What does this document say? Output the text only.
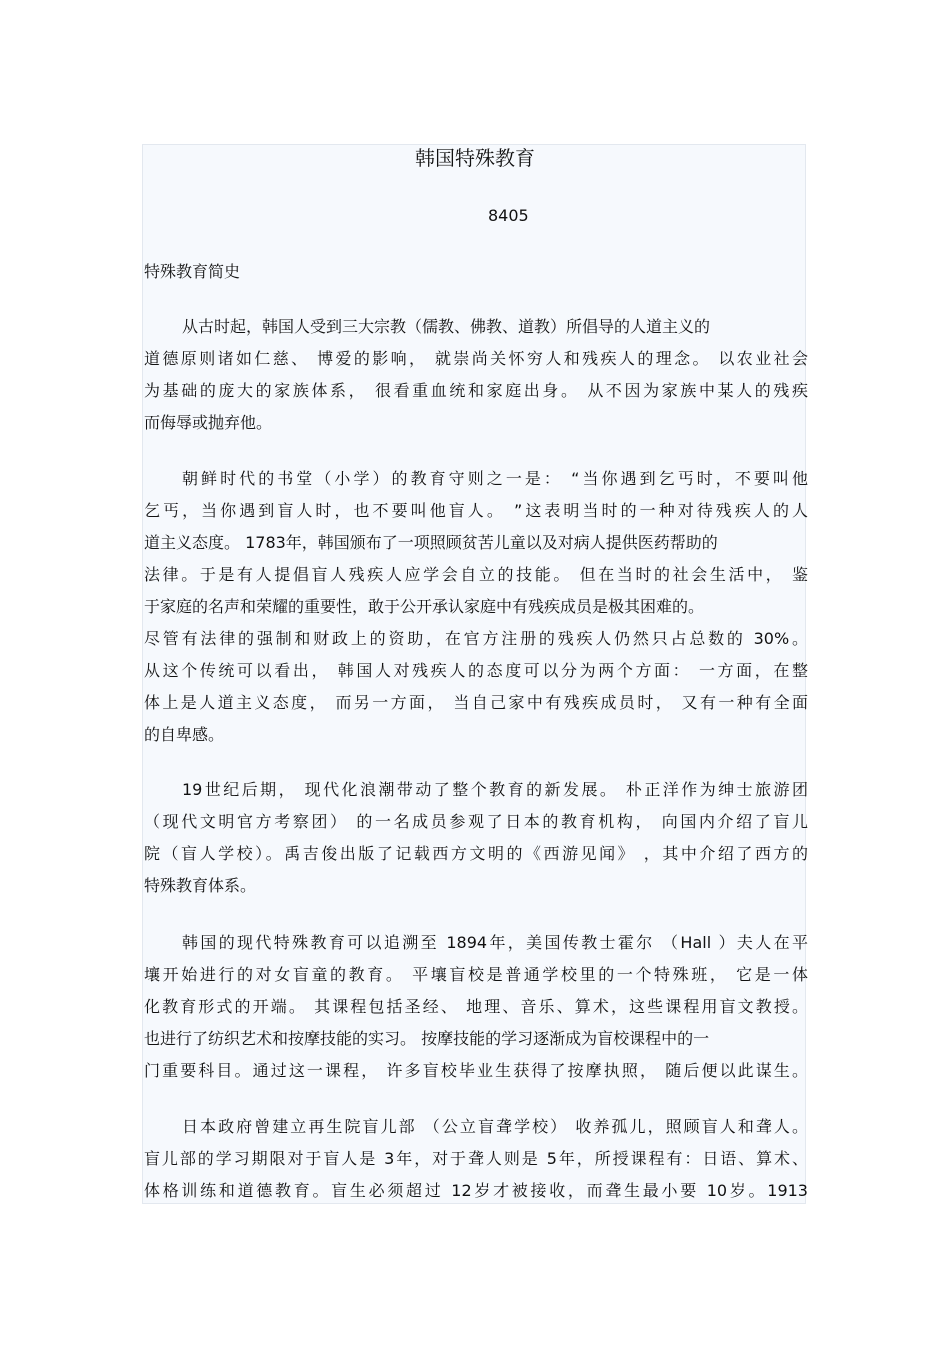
韩国特殊教育
8405
特殊教育简史
从古时起，韩国人受到三大宗教（儒教、佛教、道教）所倡导的人道主义的
道德原则诸如仁慈、 博爱的影响， 就崇尚关怀穷人和残疾人的理念。 以农业社会
为基础的庞大的家族体系， 很看重血统和家庭出身。 从不因为家族中某人的残疾
而侮辱或抛弃他。
朝鲜时代的书堂（小学）的教育守则之一是： “当你遇到乞丐时，不要叫他
乞丐，当你遇到盲人时，也不要叫他盲人。 ”这表明当时的一种对待残疾人的人
道主义态度。 1783年，韩国颁布了一项照顾贫苦儿童以及对病人提供医药帮助的
法律。于是有人提倡盲人残疾人应学会自立的技能。 但在当时的社会生活中， 鉴
于家庭的名声和荣耀的重要性，敢于公开承认家庭中有残疾成员是极其困难的。
尽管有法律的强制和财政上的资助，在官方注册的残疾人仍然只占总数的 30%。
从这个传统可以看出， 韩国人对残疾人的态度可以分为两个方面： 一方面，在整
体上是人道主义态度， 而另一方面， 当自己家中有残疾成员时， 又有一种有全面
的自卑感。
19世纪后期， 现代化浪潮带动了整个教育的新发展。 朴正洋作为绅士旅游团
（现代文明官方考察团） 的一名成员参观了日本的教育机构， 向国内介绍了盲儿
院（盲人学校）。禹吉俊出版了记载西方文明的《西游见闻》 ，其中介绍了西方的
特殊教育体系。
韩国的现代特殊教育可以追溯至 1894年，美国传教士霍尔 （Hall ）夫人在平
壤开始进行的对女盲童的教育。 平壤盲校是普通学校里的一个特殊班， 它是一体
化教育形式的开端。 其课程包括圣经、 地理、音乐、算术，这些课程用盲文教授。
也进行了纺织艺术和按摩技能的实习。 按摩技能的学习逐渐成为盲校课程中的一
门重要科目。通过这一课程， 许多盲校毕业生获得了按摩执照， 随后便以此谋生。
日本政府曾建立再生院盲儿部 （公立盲聋学校） 收养孤儿，照顾盲人和聋人。
盲儿部的学习期限对于盲人是 3年，对于聋人则是 5年，所授课程有：日语、算术、
体格训练和道德教育。盲生必须超过 12岁才被接收，而聋生最小要 10岁。1913
